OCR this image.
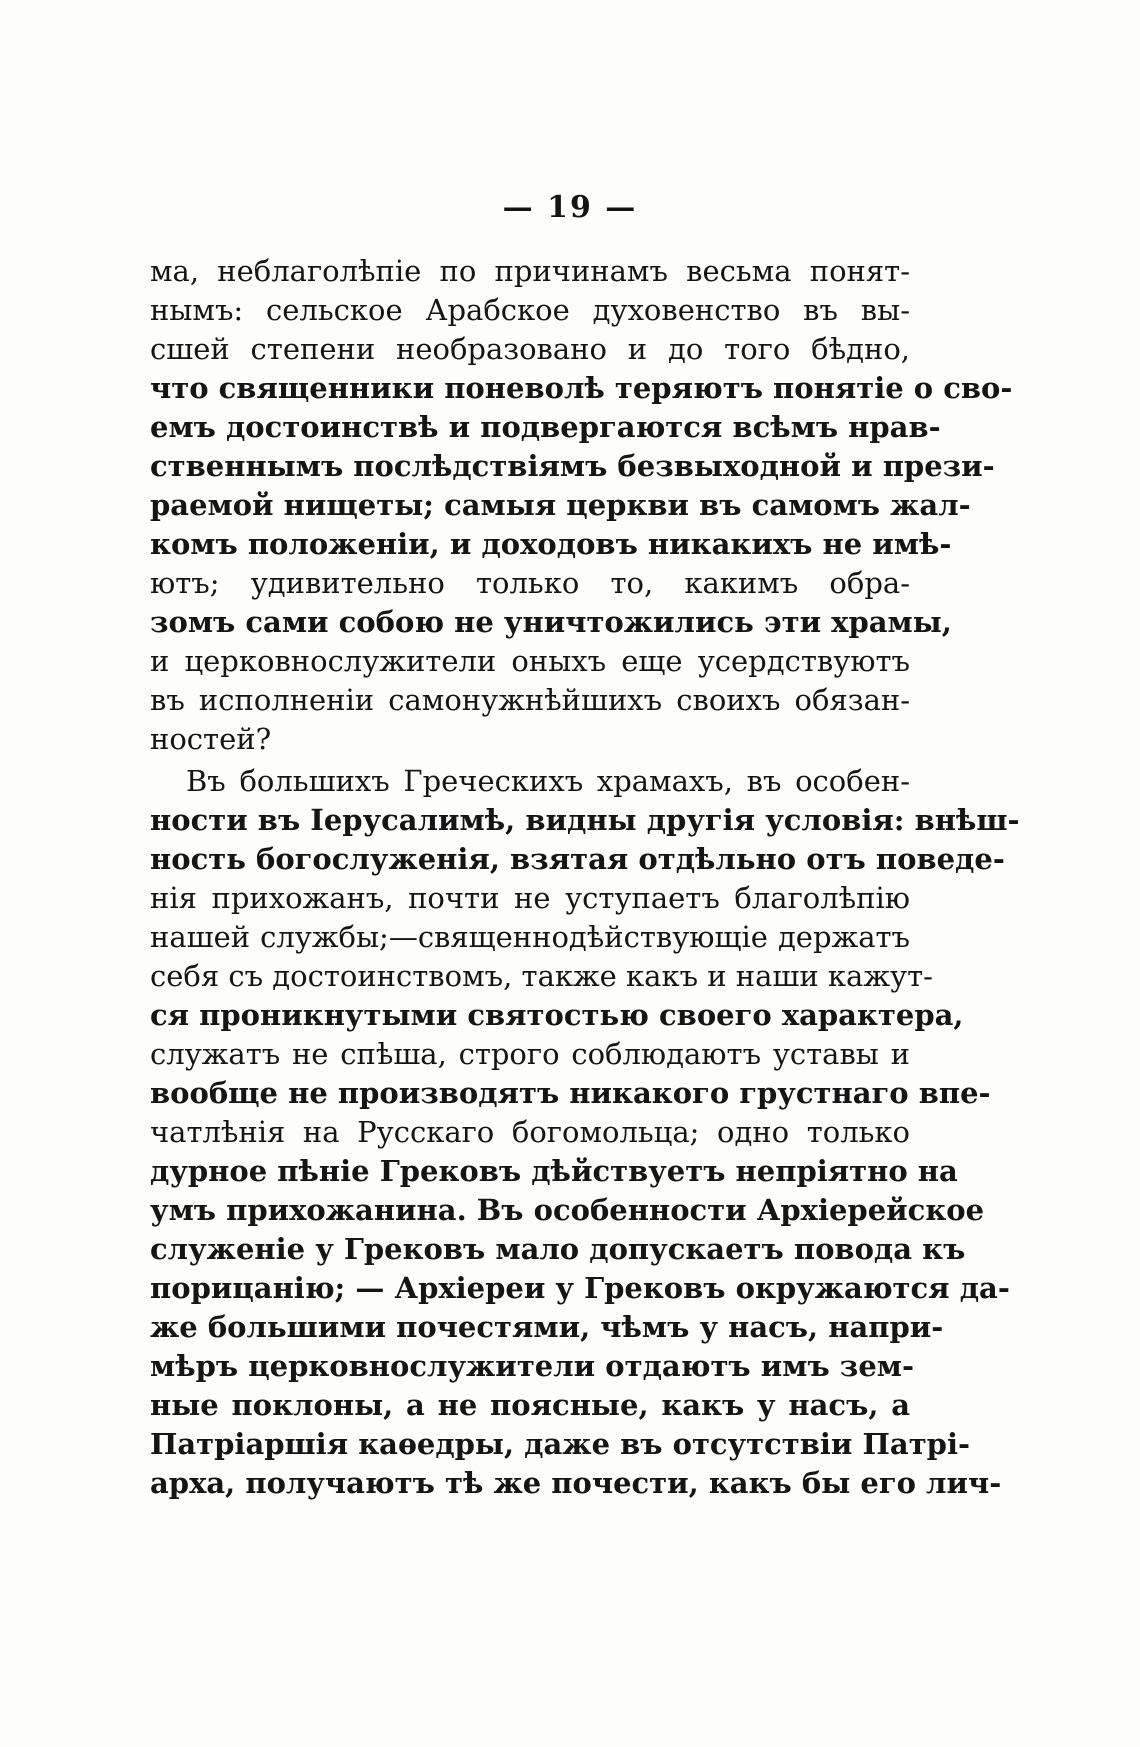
— 19 —
ма, неблаголѣпіе по причинамъ весьма понят-
нымъ: сельское Арабское духовенство въ вы-
сшей степени необразовано и до того бѣдно,
что священники поневолѣ теряютъ понятіе о сво-
емъ достоинствѣ и подвергаются всѣмъ нрав-
ственнымъ послѣдствіямъ безвыходной и прези-
раемой нищеты; самыя церкви въ самомъ жал-
комъ положеніи, и доходовъ никакихъ не имѣ-
ютъ; удивительно только то, какимъ обра-
зомъ сами собою не уничтожились эти храмы,
и церковнослужители оныхъ еще усердствуютъ
въ исполненіи самонужнѣйшихъ своихъ обязан-
ностей?
Въ большихъ Греческихъ храмахъ, въ особен-
ности въ Іерусалимѣ, видны другія условія: внѣш-
ность богослуженія, взятая отдѣльно отъ поведе-
нія прихожанъ, почти не уступаетъ благолѣпію
нашей службы;—священнодѣйствующіе держатъ
себя съ достоинствомъ, также какъ и наши кажут-
ся проникнутыми святостью своего характера,
служатъ не спѣша, строго соблюдаютъ уставы и
вообще не производятъ никакого грустнаго впе-
чатлѣнія на Русскаго богомольца; одно только
дурное пѣніе Грековъ дѣйствуетъ непріятно на
умъ прихожанина. Въ особенности Архіерейское
служеніе у Грековъ мало допускаетъ повода къ
порицанію; — Архіереи у Грековъ окружаются да-
же большими почестями, чѣмъ у насъ, напри-
мѣръ церковнослужители отдаютъ имъ зем-
ные поклоны, а не поясные, какъ у насъ, а
Патріаршія каѳедры, даже въ отсутствіи Патрі-
арха, получаютъ тѣ же почести, какъ бы его лич-
